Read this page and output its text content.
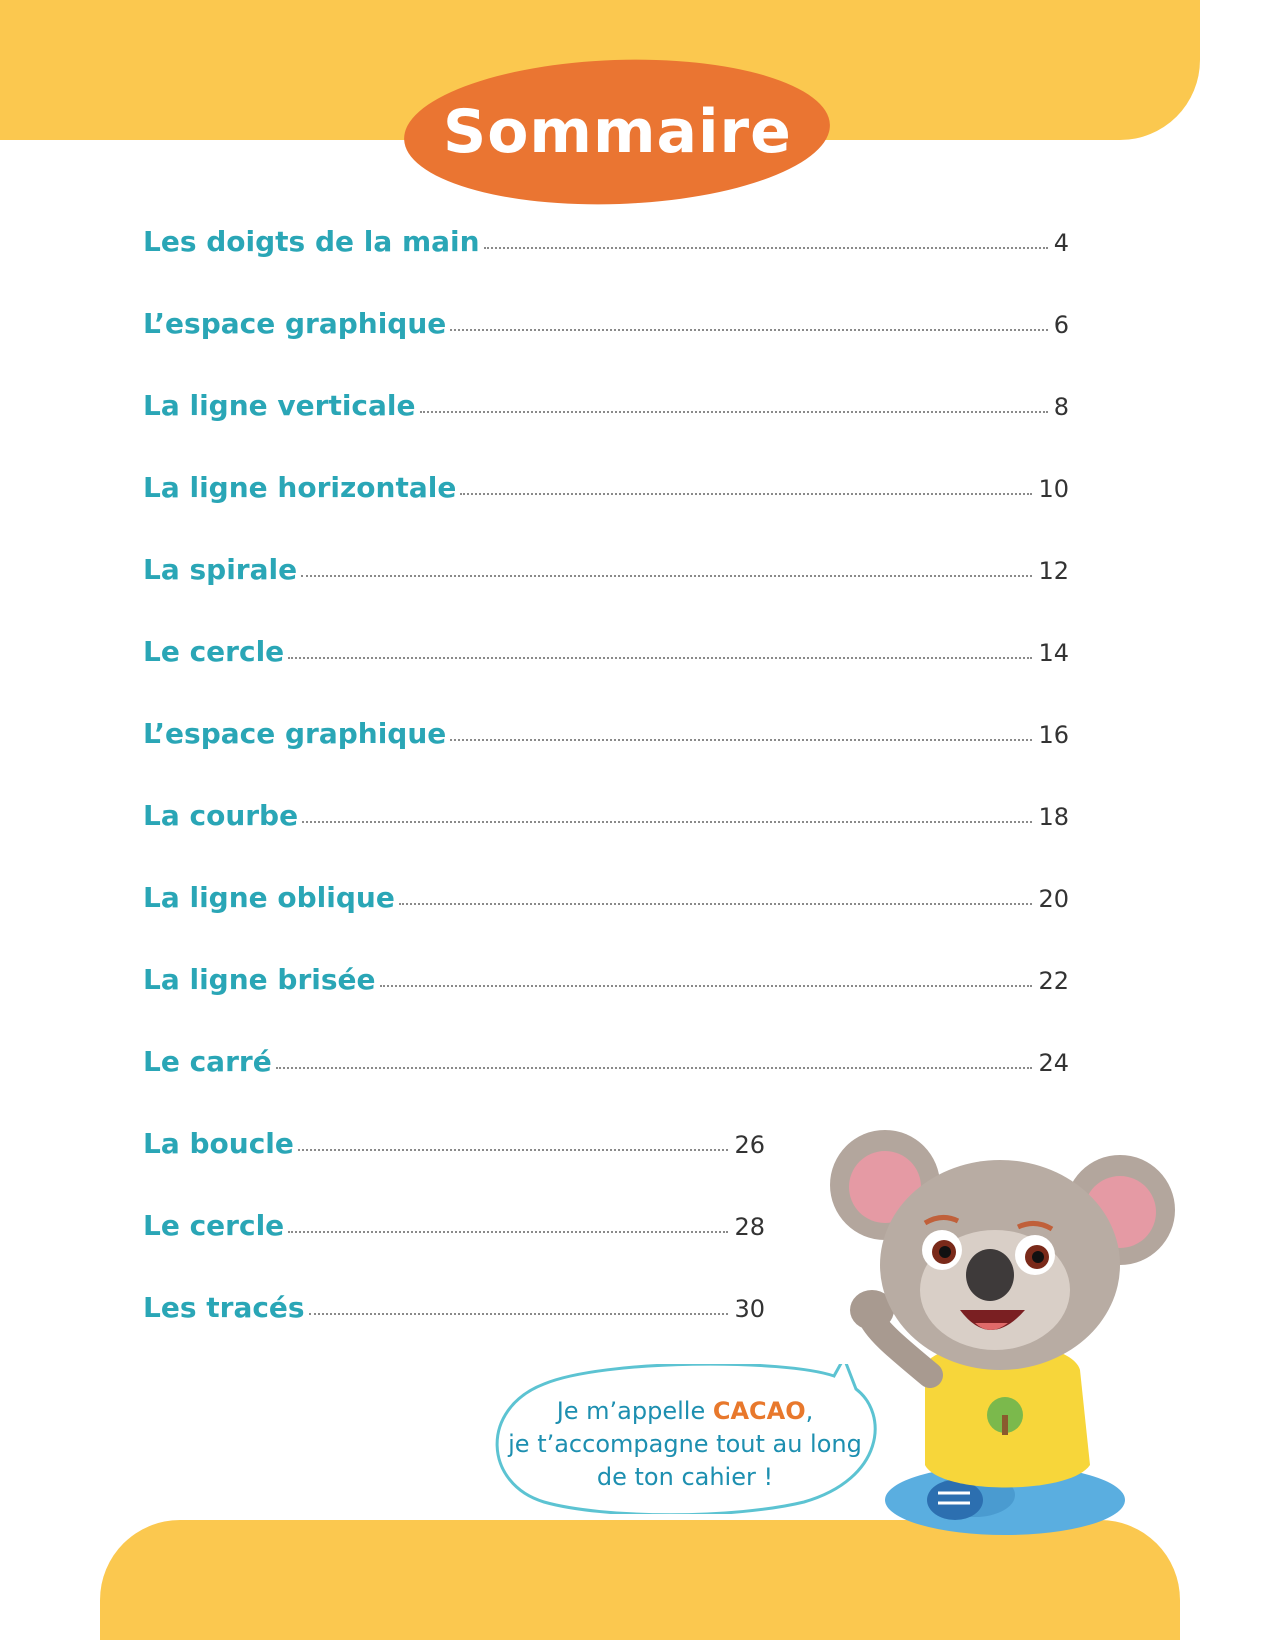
Sommaire
Les doigts de la main	4
L’espace graphique	6
La ligne verticale	8
La ligne horizontale	10
La spirale	12
Le cercle	14
L’espace graphique	16
La courbe	18
La ligne oblique	20
La ligne brisée	22
Le carré	24
La boucle	26
Le cercle	28
Les tracés	30
Je m’appelle CACAO,
je t’accompagne tout au long
de ton cahier !
